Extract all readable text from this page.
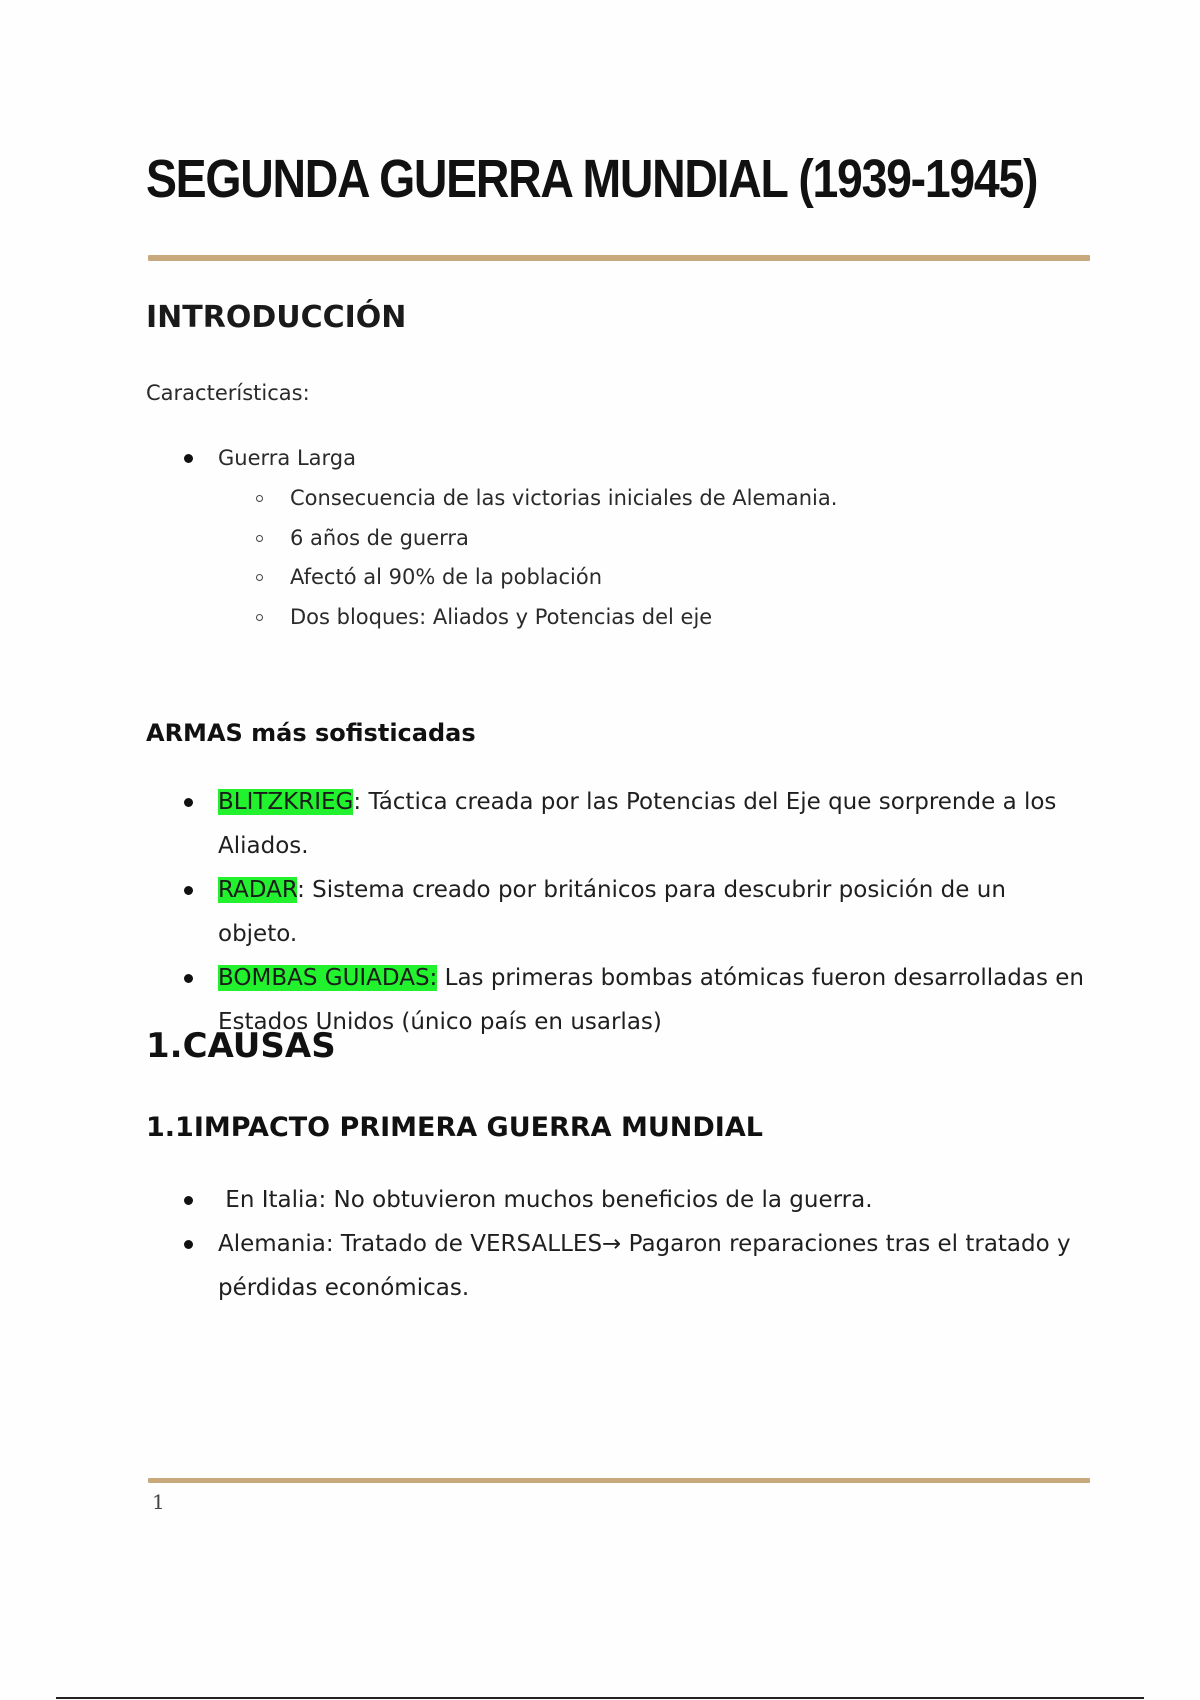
SEGUNDA GUERRA MUNDIAL (1939-1945)
INTRODUCCIÓN

Características:

Guerra Larga
Consecuencia de las victorias iniciales de Alemania.
6 años de guerra
Afectó al 90% de la población
Dos bloques: Aliados y Potencias del eje
ARMAS más sofisticadas
BLITZKRIEG: Táctica creada por las Potencias del Eje que sorprende a los Aliados.
RADAR: Sistema creado por británicos para descubrir posición de un objeto.
BOMBAS GUIADAS: Las primeras bombas atómicas fueron desarrolladas en Estados Unidos (único país en usarlas)
1.CAUSAS
1.1IMPACTO PRIMERA GUERRA MUNDIAL
En Italia: No obtuvieron muchos beneficios de la guerra.
Alemania: Tratado de VERSALLES→ Pagaron reparaciones tras el tratado y pérdidas económicas.
1
